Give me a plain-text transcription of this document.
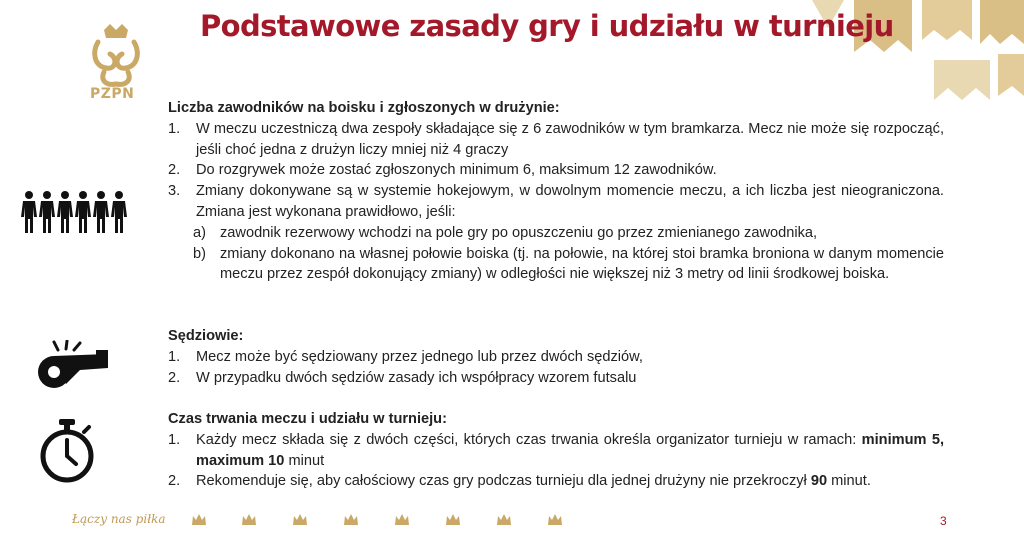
Podstawowe zasady gry i udziału w turnieju
PZPN
Liczba zawodników na boisku i zgłoszonych w drużynie:
1. W meczu uczestniczą dwa zespoły składające się z 6 zawodników w tym bramkarza. Mecz nie może się rozpocząć, jeśli choć jedna z drużyn liczy mniej niż 4 graczy
2. Do rozgrywek może zostać zgłoszonych minimum 6, maksimum 12 zawodników.
3. Zmiany dokonywane są w systemie hokejowym, w dowolnym momencie meczu, a ich liczba jest nieograniczona. Zmiana jest wykonana prawidłowo, jeśli:
a) zawodnik rezerwowy wchodzi na pole gry po opuszczeniu go przez zmienianego zawodnika,
b) zmiany dokonano na własnej połowie boiska (tj. na połowie, na której stoi bramka broniona w danym momencie meczu przez zespół dokonujący zmiany) w odległości nie większej niż 3 metry od linii środkowej boiska.
Sędziowie:
1. Mecz może być sędziowany przez jednego lub przez dwóch sędziów,
2. W przypadku dwóch sędziów zasady ich współpracy wzorem futsalu
Czas trwania meczu i udziału w turnieju:
1. Każdy mecz składa się z dwóch części, których czas trwania określa organizator turnieju w ramach: minimum 5, maximum 10 minut
2. Rekomenduje się, aby całościowy czas gry podczas turnieju dla jednej drużyny nie przekroczył 90 minut.
Łączy nas piłka	3
